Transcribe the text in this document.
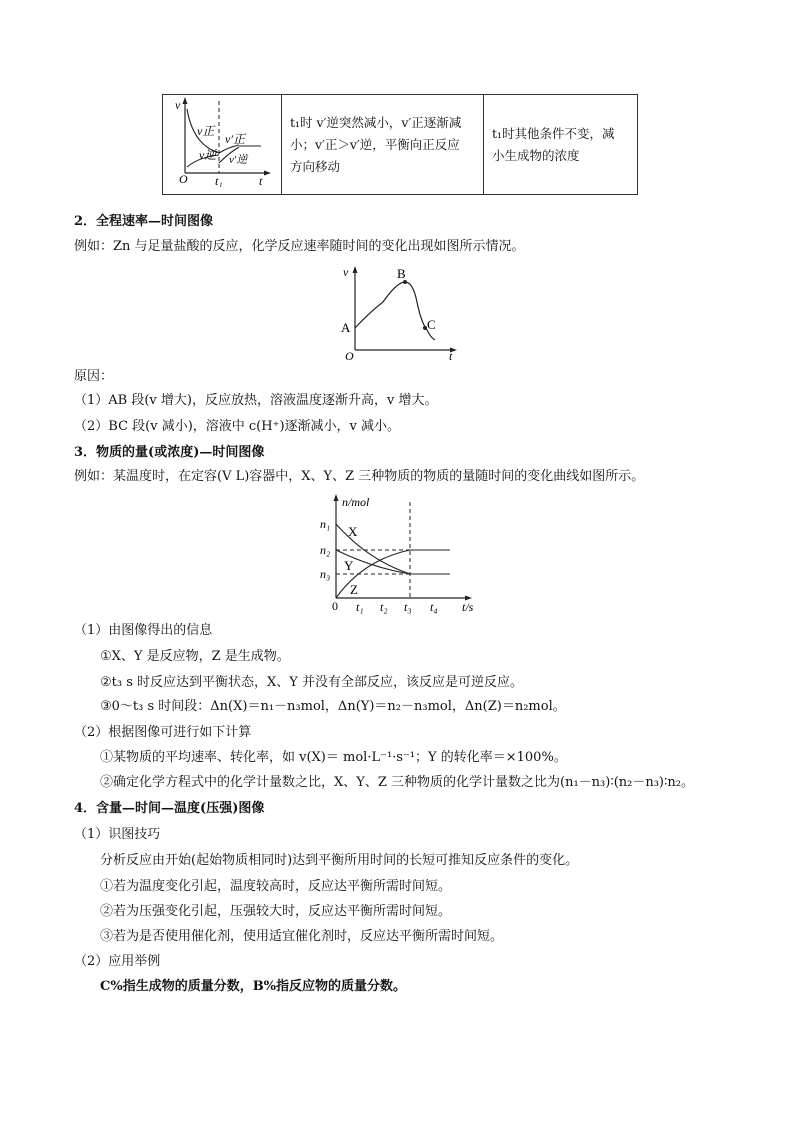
v
v正
v逆
v′正
v′逆
O t₁	t

t₁时 v′逆突然减小，v′正逐渐减
小；v′正＞v′逆，平衡向正反应
方向移动

t₁时其他条件不变，减
小生成物的浓度
2．全程速率—时间图像
例如：Zn 与足量盐酸的反应，化学反应速率随时间的变化出现如图所示情况。
v
A
B
C
O	t
原因：
（1）AB 段(v 增大)，反应放热，溶液温度逐渐升高，v 增大。
（2）BC 段(v 减小)，溶液中 c(H⁺)逐渐减小，v 减小。
3．物质的量(或浓度)—时间图像
例如：某温度时，在定容(V L)容器中，X、Y、Z 三种物质的物质的量随时间的变化曲线如图所示。
n/mol
n₁
n₂
n₃
X
Y
Z
0 t₁ t₂ t₃ t₄ t/s
（1）由图像得出的信息
①X、Y 是反应物，Z 是生成物。
②t₃ s 时反应达到平衡状态，X、Y 并没有全部反应，该反应是可逆反应。
③0～t₃ s 时间段：Δn(X)＝n₁－n₃mol，Δn(Y)＝n₂－n₃mol，Δn(Z)＝n₂mol。
（2）根据图像可进行如下计算
①某物质的平均速率、转化率，如 v(X)＝ mol·L⁻¹·s⁻¹；Y 的转化率＝×100%。
②确定化学方程式中的化学计量数之比，X、Y、Z 三种物质的化学计量数之比为(n₁－n₃)∶(n₂－n₃)∶n₂。
4．含量—时间—温度(压强)图像
（1）识图技巧
分析反应由开始(起始物质相同时)达到平衡所用时间的长短可推知反应条件的变化。
①若为温度变化引起，温度较高时，反应达平衡所需时间短。
②若为压强变化引起，压强较大时，反应达平衡所需时间短。
③若为是否使用催化剂，使用适宜催化剂时，反应达平衡所需时间短。
（2）应用举例
C%指生成物的质量分数，B%指反应物的质量分数。
